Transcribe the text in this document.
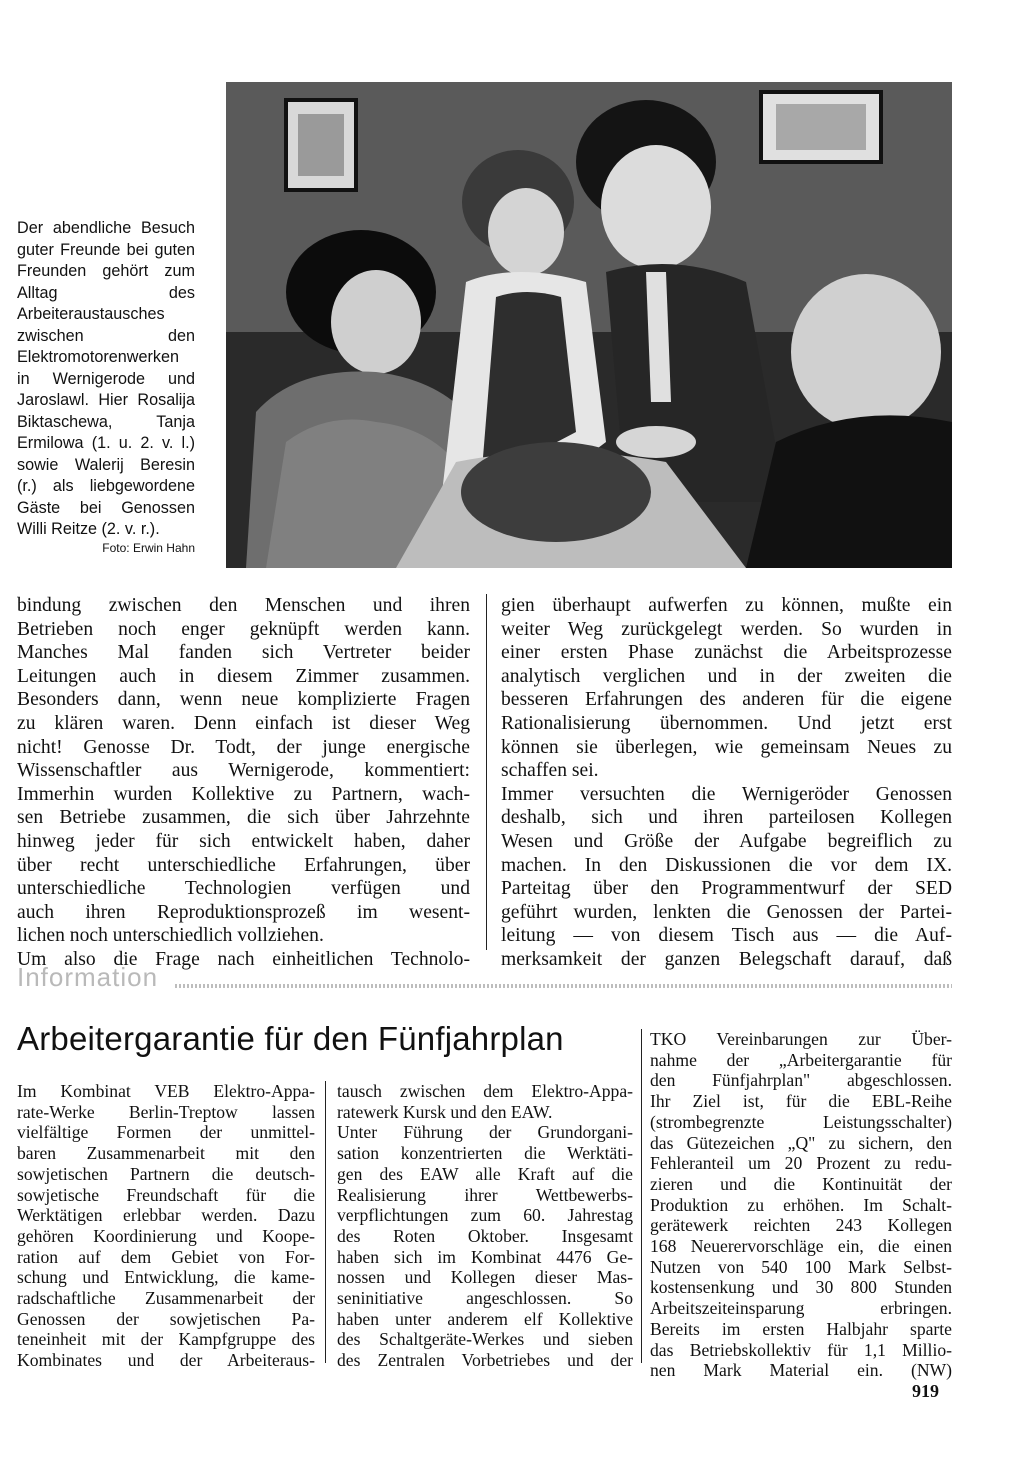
Der abendliche Besuch guter Freunde bei guten Freunden gehört zum Alltag des Arbeiteraustausches zwischen den Elektromotorenwerken in Wernigerode und Jaroslawl. Hier Rosalija Biktaschewa, Tanja Ermilowa (1. u. 2. v. l.) sowie Walerij Beresin (r.) als liebgewordene Gäste bei Genossen Willi Reitze (2. v. r.).
Foto: Erwin Hahn
bindung zwischen den Menschen und ihren
Betrieben noch enger geknüpft werden kann.
Manches Mal fanden sich Vertreter beider
Leitungen auch in diesem Zimmer zusammen.
Besonders dann, wenn neue komplizierte Fragen
zu klären waren. Denn einfach ist dieser Weg
nicht! Genosse Dr. Todt, der junge energische
Wissenschaftler aus Wernigerode, kommentiert:
Immerhin wurden Kollektive zu Partnern, wach-
sen Betriebe zusammen, die sich über Jahrzehnte
hinweg jeder für sich entwickelt haben, daher
über recht unterschiedliche Erfahrungen, über
unterschiedliche Technologien verfügen und
auch ihren Reproduktionsprozeß im wesent-
lichen noch unterschiedlich vollziehen.
Um also die Frage nach einheitlichen Technolo-
gien überhaupt aufwerfen zu können, mußte ein
weiter Weg zurückgelegt werden. So wurden in
einer ersten Phase zunächst die Arbeitsprozesse
analytisch verglichen und in der zweiten die
besseren Erfahrungen des anderen für die eigene
Rationalisierung übernommen. Und jetzt erst
können sie überlegen, wie gemeinsam Neues zu
schaffen sei.
Immer versuchten die Wernigeröder Genossen
deshalb, sich und ihren parteilosen Kollegen
Wesen und Größe der Aufgabe begreiflich zu
machen. In den Diskussionen die vor dem IX.
Parteitag über den Programmentwurf der SED
geführt wurden, lenkten die Genossen der Partei-
leitung — von diesem Tisch aus — die Auf-
merksamkeit der ganzen Belegschaft darauf, daß
Information
Arbeitergarantie für den Fünfjahrplan
Im Kombinat VEB Elektro-Appa-
rate-Werke Berlin-Treptow lassen
vielfältige Formen der unmittel-
baren Zusammenarbeit mit den
sowjetischen Partnern die deutsch-
sowjetische Freundschaft für die
Werktätigen erlebbar werden. Dazu
gehören Koordinierung und Koope-
ration auf dem Gebiet von For-
schung und Entwicklung, die kame-
radschaftliche Zusammenarbeit der
Genossen der sowjetischen Pa-
teneinheit mit der Kampfgruppe des
Kombinates und der Arbeiteraus-
tausch zwischen dem Elektro-Appa-
ratewerk Kursk und den EAW.
Unter Führung der Grundorgani-
sation konzentrierten die Werktäti-
gen des EAW alle Kraft auf die
Realisierung ihrer Wettbewerbs-
verpflichtungen zum 60. Jahrestag
des Roten Oktober. Insgesamt
haben sich im Kombinat 4476 Ge-
nossen und Kollegen dieser Mas-
seninitiative angeschlossen. So
haben unter anderem elf Kollektive
des Schaltgeräte-Werkes und sieben
des Zentralen Vorbetriebes und der
TKO Vereinbarungen zur Über-
nahme der „Arbeitergarantie für
den Fünfjahrplan" abgeschlossen.
Ihr Ziel ist, für die EBL-Reihe
(strombegrenzte Leistungsschalter)
das Gütezeichen „Q" zu sichern, den
Fehleranteil um 20 Prozent zu redu-
zieren und die Kontinuität der
Produktion zu erhöhen. Im Schalt-
gerätewerk reichten 243 Kollegen
168 Neuerervorschläge ein, die einen
Nutzen von 540 100 Mark Selbst-
kostensenkung und 30 800 Stunden
Arbeitszeiteinsparung erbringen.
Bereits im ersten Halbjahr sparte
das Betriebskollektiv für 1,1 Millio-
nen Mark Material ein. (NW)
919
